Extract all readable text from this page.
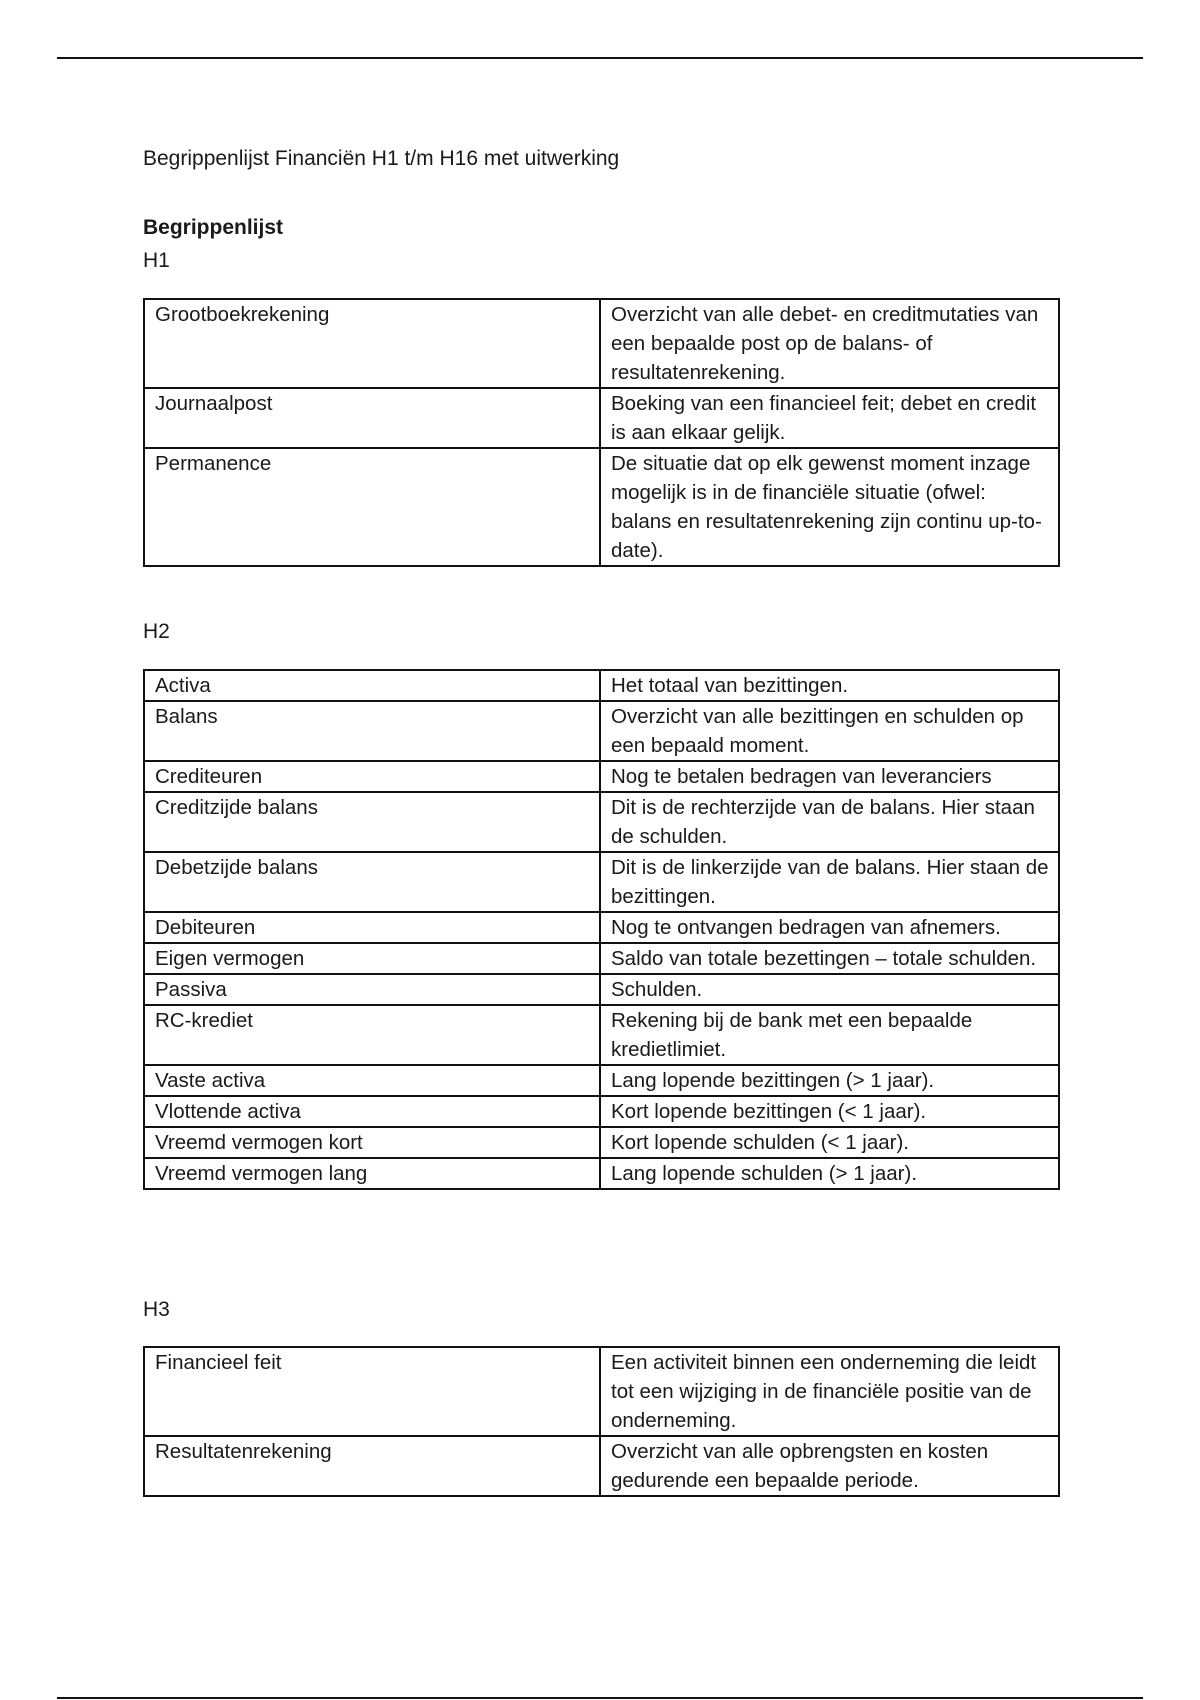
Begrippenlijst Financiën H1 t/m H16 met uitwerking
Begrippenlijst
H1
Grootboekrekening	Overzicht van alle debet- en creditmutaties van een bepaalde post op de balans- of resultatenrekening.
Journaalpost	Boeking van een financieel feit; debet en credit is aan elkaar gelijk.
Permanence	De situatie dat op elk gewenst moment inzage mogelijk is in de financiële situatie (ofwel: balans en resultatenrekening zijn continu up-to-date).
H2
Activa	Het totaal van bezittingen.
Balans	Overzicht van alle bezittingen en schulden op een bepaald moment.
Crediteuren	Nog te betalen bedragen van leveranciers
Creditzijde balans	Dit is de rechterzijde van de balans. Hier staan de schulden.
Debetzijde balans	Dit is de linkerzijde van de balans. Hier staan de bezittingen.
Debiteuren	Nog te ontvangen bedragen van afnemers.
Eigen vermogen	Saldo van totale bezettingen – totale schulden.
Passiva	Schulden.
RC-krediet	Rekening bij de bank met een bepaalde kredietlimiet.
Vaste activa	Lang lopende bezittingen (> 1 jaar).
Vlottende activa	Kort lopende bezittingen (< 1 jaar).
Vreemd vermogen kort	Kort lopende schulden (< 1 jaar).
Vreemd vermogen lang	Lang lopende schulden (> 1 jaar).
H3
Financieel feit	Een activiteit binnen een onderneming die leidt tot een wijziging in de financiële positie van de onderneming.
Resultatenrekening	Overzicht van alle opbrengsten en kosten gedurende een bepaalde periode.
